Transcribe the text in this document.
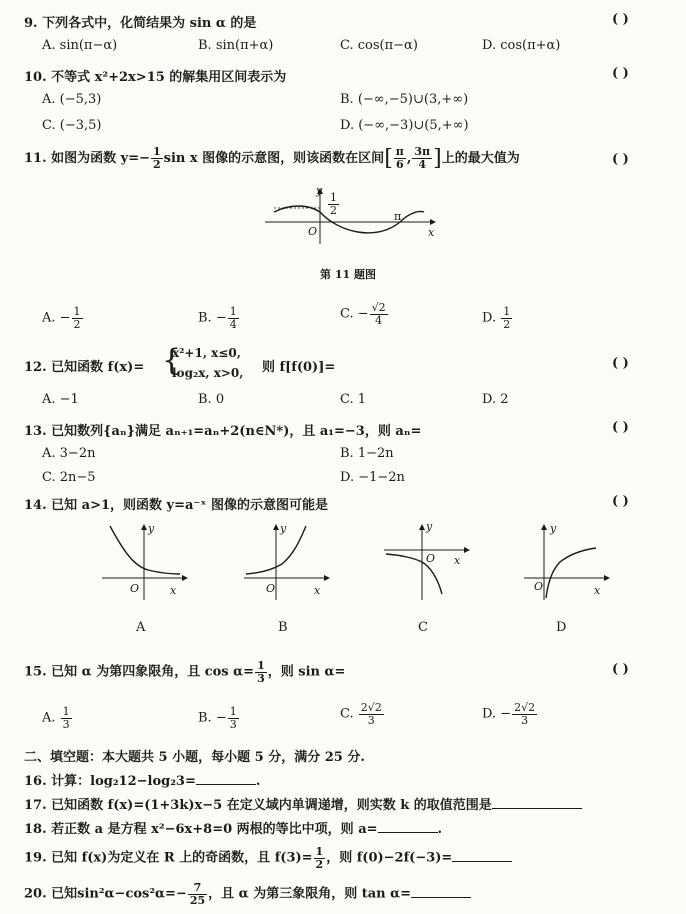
9. 下列各式中，化简结果为 sin α 的是	( )
A. sin(π−α)	B. sin(π+α)	C. cos(π−α)	D. cos(π+α)
10. 不等式 x²+2x>15 的解集用区间表示为	( )
A. (−5,3)	B. (−∞,−5)∪(3,+∞)
C. (−3,5)	D. (−∞,−3)∪(5,+∞)
11. 如图为函数 $y=- \frac{1}{2}$ sin x 图像的示意图，则该函数在区间[ $\frac{\pi}{6}$ , $\frac{3\pi}{4}$ ]上的最大值为	( )
y
$\frac{1}{2}$
O
π
x
第 11 题图
A. − $\frac{1}{2}$	B. − $\frac{1}{4}$	C. − $\frac{√2}{4}$	D. $\frac{1}{2}$
12. 已知函数 f(x)= {
x²+1, x≤0,
log₂x, x>0, 则 f[f(0)]=	( )
A. −1	B. 0	C. 1	D. 2
13. 已知数列{aₙ}满足 aₙ₊₁=aₙ+2(n∈N*)，且 a₁=−3，则 aₙ=	( )
A. 3−2n	B. 1−2n
C. 2n−5	D. −1−2n
14. 已知 a>1，则函数 y=a⁻ˣ 图像的示意图可能是	( )
y
O	x
A
y
O	x
B
y
O x
C
y
O	x
D
15. 已知 α 为第四象限角，且 $\cos \alpha= \frac{1}{3}$ ，则 sin α=	( )
A. $\frac{1}{3}$	B. − $\frac{1}{3}$	C. $\frac{2√2}{3}$	D. − $\frac{2√2}{3}$
二、填空题：本大题共 5 小题，每小题 5 分，满分 25 分.
16. 计算：log₂12−log₂3=	.
17. 已知函数 f(x)=(1+3k)x−5 在定义域内单调递增，则实数 k 的取值范围是
18. 若正数 a 是方程 x²−6x+8=0 两根的等比中项，则 a=	.
19. 已知 f(x)为定义在 R 上的奇函数，且 $f(3)= \frac{1}{2}$ ，则 f(0)−2f(−3)=
20. 已知$\sin^2\alpha-\cos^2\alpha=- \frac{7}{25}$ ，且 α 为第三象限角，则 tan α=
